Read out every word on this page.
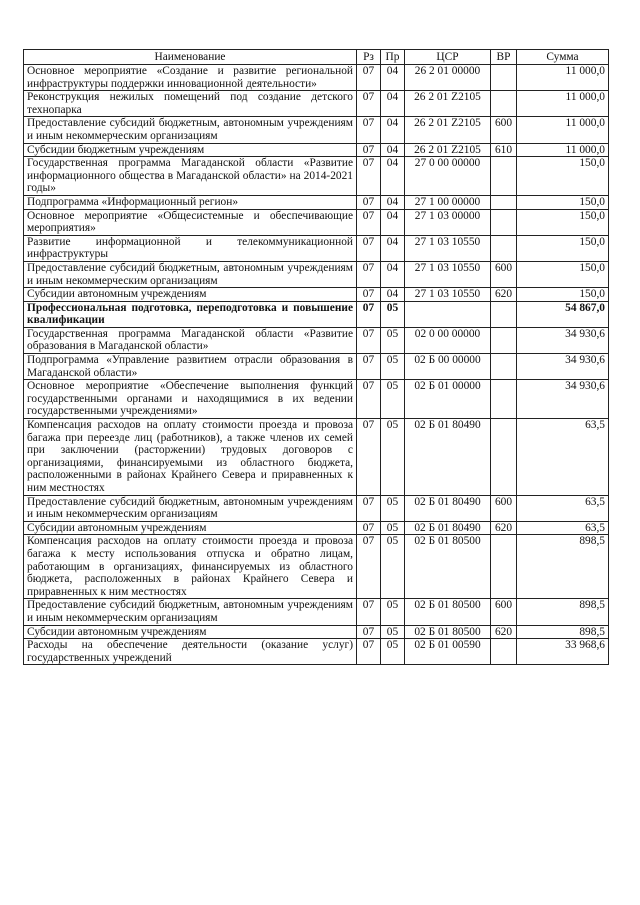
Наименование	Рз	Пр	ЦСР	ВР	Сумма
Основное мероприятие «Создание и развитие региональной инфраструктуры поддержки инновационной деятельности»	07	04	26 2 01 00000		11 000,0
Реконструкция нежилых помещений под создание детского технопарка	07	04	26 2 01 Z2105		11 000,0
Предоставление субсидий бюджетным, автономным учреждениям и иным некоммерческим организациям	07	04	26 2 01 Z2105	600	11 000,0
Субсидии бюджетным учреждениям	07	04	26 2 01 Z2105	610	11 000,0
Государственная программа Магаданской области «Развитие информационного общества в Магаданской области» на 2014-2021 годы»	07	04	27 0 00 00000		150,0
Подпрограмма «Информационный регион»	07	04	27 1 00 00000		150,0
Основное мероприятие «Общесистемные и обеспечивающие мероприятия»	07	04	27 1 03 00000		150,0
Развитие информационной и телекоммуникационной инфраструктуры	07	04	27 1 03 10550		150,0
Предоставление субсидий бюджетным, автономным учреждениям и иным некоммерческим организациям	07	04	27 1 03 10550	600	150,0
Субсидии автономным учреждениям	07	04	27 1 03 10550	620	150,0
Профессиональная подготовка, переподготовка и повышение квалификации	07	05			54 867,0
Государственная программа Магаданской области «Развитие образования в Магаданской области»	07	05	02 0 00 00000		34 930,6
Подпрограмма «Управление развитием отрасли образования в Магаданской области»	07	05	02 Б 00 00000		34 930,6
Основное мероприятие «Обеспечение выполнения функций государственными органами и находящимися в их ведении государственными учреждениями»	07	05	02 Б 01 00000		34 930,6
Компенсация расходов на оплату стоимости проезда и провоза багажа при переезде лиц (работников), а также членов их семей при заключении (расторжении) трудовых договоров с организациями, финансируемыми из областного бюджета, расположенными в районах Крайнего Севера и приравненных к ним местностях	07	05	02 Б 01 80490		63,5
Предоставление субсидий бюджетным, автономным учреждениям и иным некоммерческим организациям	07	05	02 Б 01 80490	600	63,5
Субсидии автономным учреждениям	07	05	02 Б 01 80490	620	63,5
Компенсация расходов на оплату стоимости проезда и провоза багажа к месту использования отпуска и обратно лицам, работающим в организациях, финансируемых из областного бюджета, расположенных в районах Крайнего Севера и приравненных к ним местностях	07	05	02 Б 01 80500		898,5
Предоставление субсидий бюджетным, автономным учреждениям и иным некоммерческим организациям	07	05	02 Б 01 80500	600	898,5
Субсидии автономным учреждениям	07	05	02 Б 01 80500	620	898,5
Расходы на обеспечение деятельности (оказание услуг) государственных учреждений	07	05	02 Б 01 00590		33 968,6
